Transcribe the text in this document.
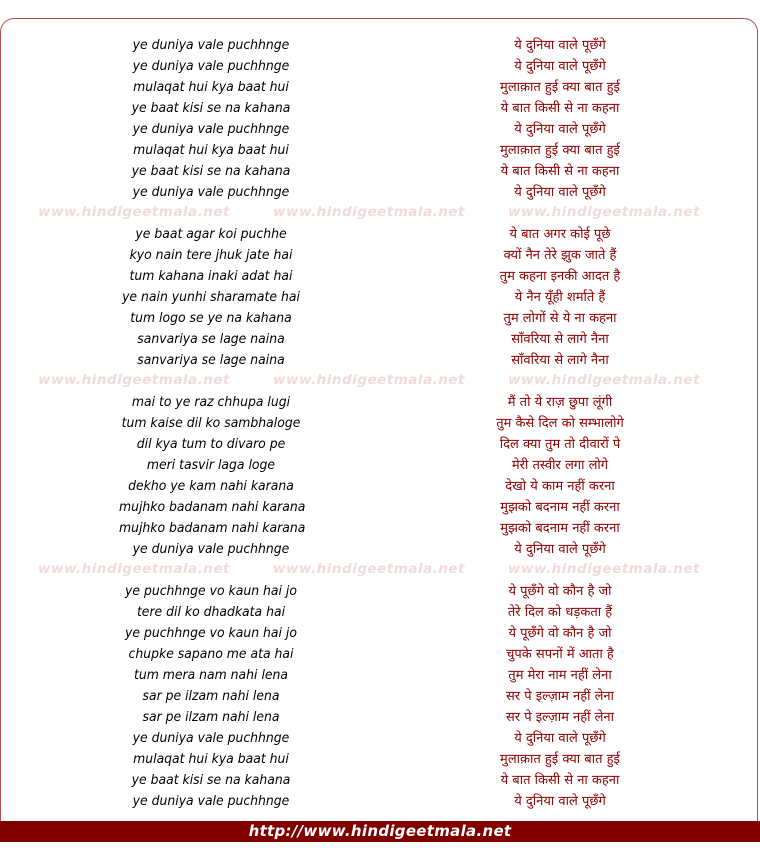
www.hindigeetmala.net	www.hindigeetmala.net	www.hindigeetmala.net
www.hindigeetmala.net	www.hindigeetmala.net	www.hindigeetmala.net
www.hindigeetmala.net	www.hindigeetmala.net	www.hindigeetmala.net
ye duniya vale puchhnge
ye duniya vale puchhnge
mulaqat hui kya baat hui
ye baat kisi se na kahana
ye duniya vale puchhnge
mulaqat hui kya baat hui
ye baat kisi se na kahana
ye duniya vale puchhnge
ye baat agar koi puchhe
kyo nain tere jhuk jate hai
tum kahana inaki adat hai
ye nain yunhi sharamate hai
tum logo se ye na kahana
sanvariya se lage naina
sanvariya se lage naina
mai to ye raz chhupa lugi
tum kaise dil ko sambhaloge
dil kya tum to divaro pe
meri tasvir laga loge
dekho ye kam nahi karana
mujhko badanam nahi karana
mujhko badanam nahi karana
ye duniya vale puchhnge
ye puchhnge vo kaun hai jo
tere dil ko dhadkata hai
ye puchhnge vo kaun hai jo
chupke sapano me ata hai
tum mera nam nahi lena
sar pe ilzam nahi lena
sar pe ilzam nahi lena
ye duniya vale puchhnge
mulaqat hui kya baat hui
ye baat kisi se na kahana
ye duniya vale puchhnge
ये दुनिया वाले पूछँगे
ये दुनिया वाले पूछँगे
मुलाक़ात हुई क्या बात हुई
ये बात किसी से ना कहना
ये दुनिया वाले पूछँगे
मुलाक़ात हुई क्या बात हुई
ये बात किसी से ना कहना
ये दुनिया वाले पूछँगे
ये बात अगर कोई पूछे
क्यों नैन तेरे झुक जाते हैं
तुम कहना इनकी आदत है
ये नैन यूँही शर्माते हैं
तुम लोगों से ये ना कहना
साँवरिया से लागे नैना
साँवरिया से लागे नैना
मैं तो ये राज़ छुपा लूंगी
तुम कैसे दिल को सम्भालोगे
दिल क्या तुम तो दीवारों पे
मेरी तस्वीर लगा लोगे
देखो ये काम नहीं करना
मुझको बदनाम नहीं करना
मुझको बदनाम नहीं करना
ये दुनिया वाले पूछँगे
ये पूछँगे वो कौन है जो
तेरे दिल को धड़कता हैं
ये पूछँगे वो कौन है जो
चुपके सपनों में आता है
तुम मेरा नाम नहीं लेना
सर पे इल्ज़ाम नहीं लेना
सर पे इल्ज़ाम नहीं लेना
ये दुनिया वाले पूछँगे
मुलाक़ात हुई क्या बात हुई
ये बात किसी से ना कहना
ये दुनिया वाले पूछँगे
http://www.hindigeetmala.net
